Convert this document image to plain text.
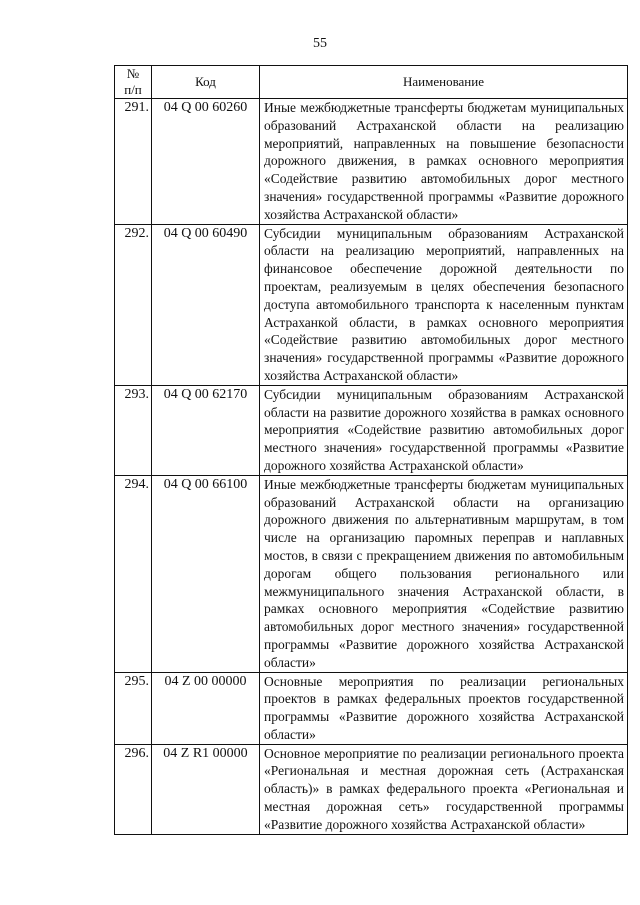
55
№
п/п	Код	Наименование
291.	04 Q 00 60260	Иные межбюджетные трансферты бюджетам муниципальных образований Астраханской области на реализацию мероприятий, направленных на повышение безопасности дорожного движения, в рамках основного мероприятия «Содействие развитию автомобильных дорог местного значения» государственной программы «Развитие дорожного хозяйства Астраханской области»
292.	04 Q 00 60490	Субсидии муниципальным образованиям Астраханской области на реализацию мероприятий, направленных на финансовое обеспечение дорожной деятельности по проектам, реализуемым в целях обеспечения безопасного доступа автомобильного транспорта к населенным пунктам Астраханкой области, в рамках основного мероприятия «Содействие развитию автомобильных дорог местного значения» государственной программы «Развитие дорожного хозяйства Астраханской области»
293.	04 Q 00 62170	Субсидии муниципальным образованиям Астраханской области на развитие дорожного хозяйства в рамках основного мероприятия «Содействие развитию автомобильных дорог местного значения» государственной программы «Развитие дорожного хозяйства Астраханской области»
294.	04 Q 00 66100	Иные межбюджетные трансферты бюджетам муниципальных образований Астраханской области на организацию дорожного движения по альтернативным маршрутам, в том числе на организацию паромных переправ и наплавных мостов, в связи с прекращением движения по автомобильным дорогам общего пользования регионального или межмуниципального значения Астраханской области, в рамках основного мероприятия «Содействие развитию автомобильных дорог местного значения» государственной программы «Развитие дорожного хозяйства Астраханской области»
295.	04 Z 00 00000	Основные мероприятия по реализации региональных проектов в рамках федеральных проектов государственной программы «Развитие дорожного хозяйства Астраханской области»
296.	04 Z R1 00000	Основное мероприятие по реализации регионального проекта «Региональная и местная дорожная сеть (Астраханская область)» в рамках федерального проекта «Региональная и местная дорожная сеть» государственной программы «Развитие дорожного хозяйства Астраханской области»
